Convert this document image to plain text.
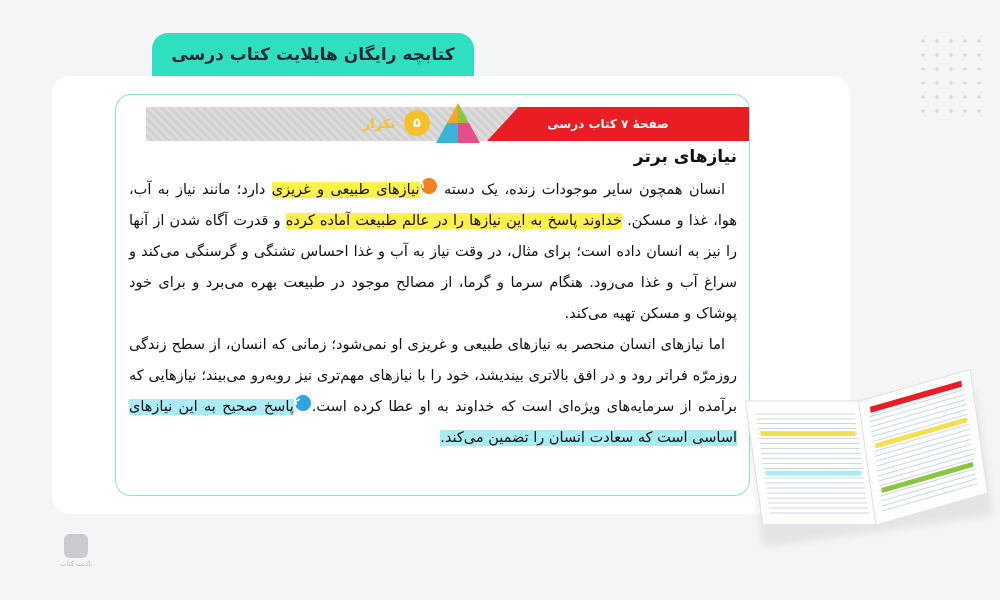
کتابچه رایگان هایلایت کتاب درسی
صفحهٔ ۷ کتاب درسی
۵
تکرار
نیازهای برتر

انسان همچون سایر موجودات زنده، یک دسته ۱نیازهای طبیعی و غریزی دارد؛ مانند نیاز به آب، هوا، غذا و مسکن. خداوند پاسخ به این نیازها را در عالم طبیعت آماده کرده و قدرت آگاه شدن از آنها را نیز به انسان داده است؛ برای مثال، در وقت نیاز به آب و غذا احساس تشنگی و گرسنگی می‌کند و سراغ آب و غذا می‌رود. هنگام سرما و گرما، از مصالح موجود در طبیعت بهره می‌برد و برای خود پوشاک و مسکن تهیه می‌کند.

اما نیازهای انسان منحصر به نیازهای طبیعی و غریزی او نمی‌شود؛ زمانی که انسان، از سطح زندگی روزمرّه فراتر رود و در افق بالاتری بیندیشد، خود را با نیازهای مهم‌تری نیز روبه‌رو می‌بیند؛ نیازهایی که برآمده از سرمایه‌های ویژه‌ای است که خداوند به او عطا کرده است.۲پاسخ صحیح به این نیازهای اساسی است که سعادت انسان را تضمین می‌کند.

بادنت کتاب
